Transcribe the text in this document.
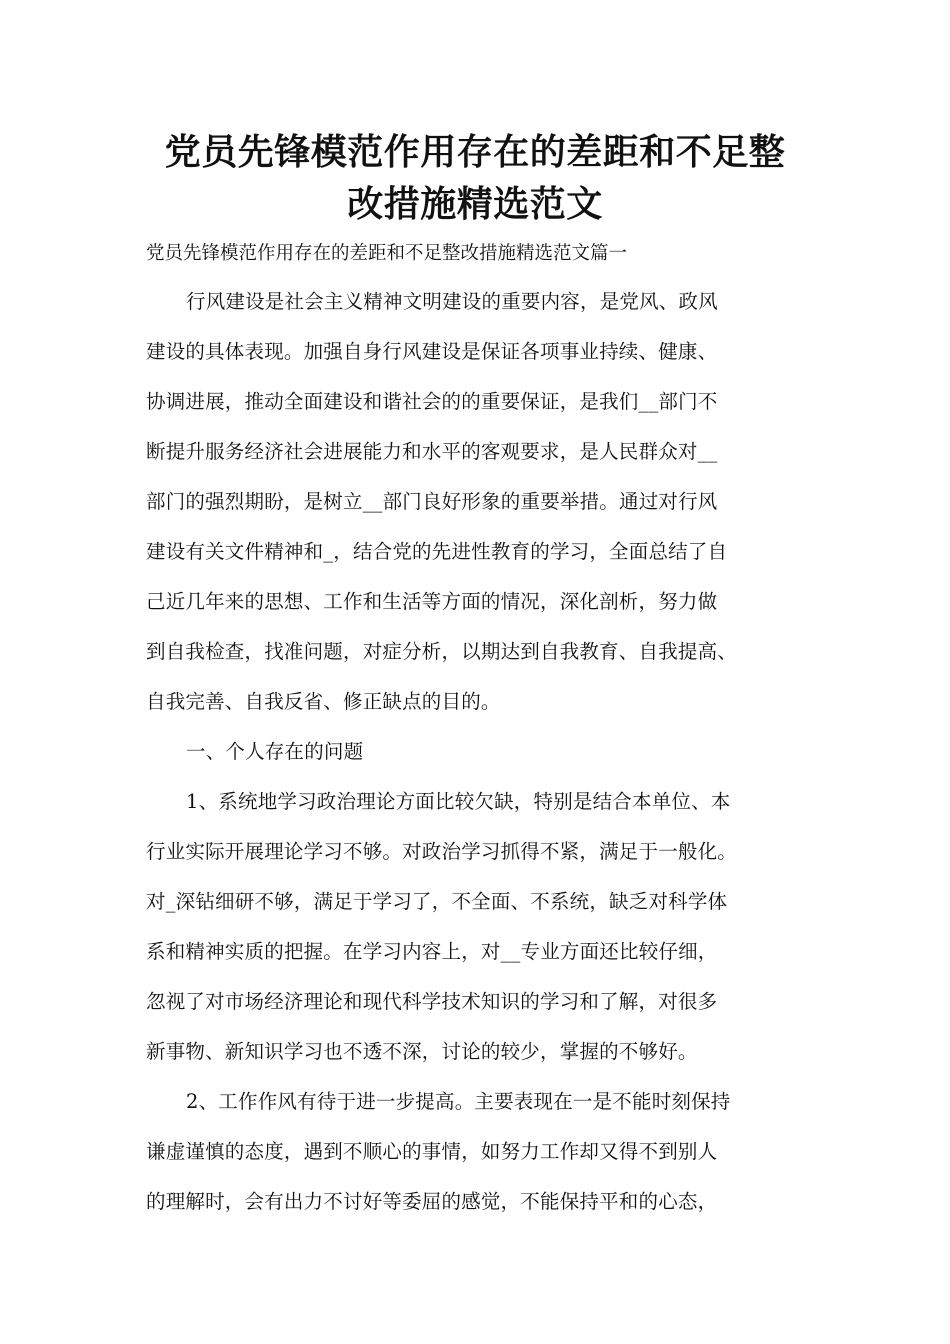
党员先锋模范作用存在的差距和不足整
改措施精选范文

党员先锋模范作用存在的差距和不足整改措施精选范文篇一

行风建设是社会主义精神文明建设的重要内容，是党风、政风

建设的具体表现。加强自身行风建设是保证各项事业持续、健康、

协调进展，推动全面建设和谐社会的的重要保证，是我们__部门不

断提升服务经济社会进展能力和水平的客观要求，是人民群众对__

部门的强烈期盼，是树立__部门良好形象的重要举措。通过对行风

建设有关文件精神和_，结合党的先进性教育的学习，全面总结了自

己近几年来的思想、工作和生活等方面的情况，深化剖析，努力做

到自我检查，找准问题，对症分析，以期达到自我教育、自我提高、

自我完善、自我反省、修正缺点的目的。

一、个人存在的问题

1、系统地学习政治理论方面比较欠缺，特别是结合本单位、本

行业实际开展理论学习不够。对政治学习抓得不紧，满足于一般化。

对_深钻细研不够，满足于学习了，不全面、不系统，缺乏对科学体

系和精神实质的把握。在学习内容上，对__专业方面还比较仔细，

忽视了对市场经济理论和现代科学技术知识的学习和了解，对很多

新事物、新知识学习也不透不深，讨论的较少，掌握的不够好。

2、工作作风有待于进一步提高。主要表现在一是不能时刻保持

谦虚谨慎的态度，遇到不顺心的事情，如努力工作却又得不到别人

的理解时，会有出力不讨好等委屈的感觉，不能保持平和的心态，
